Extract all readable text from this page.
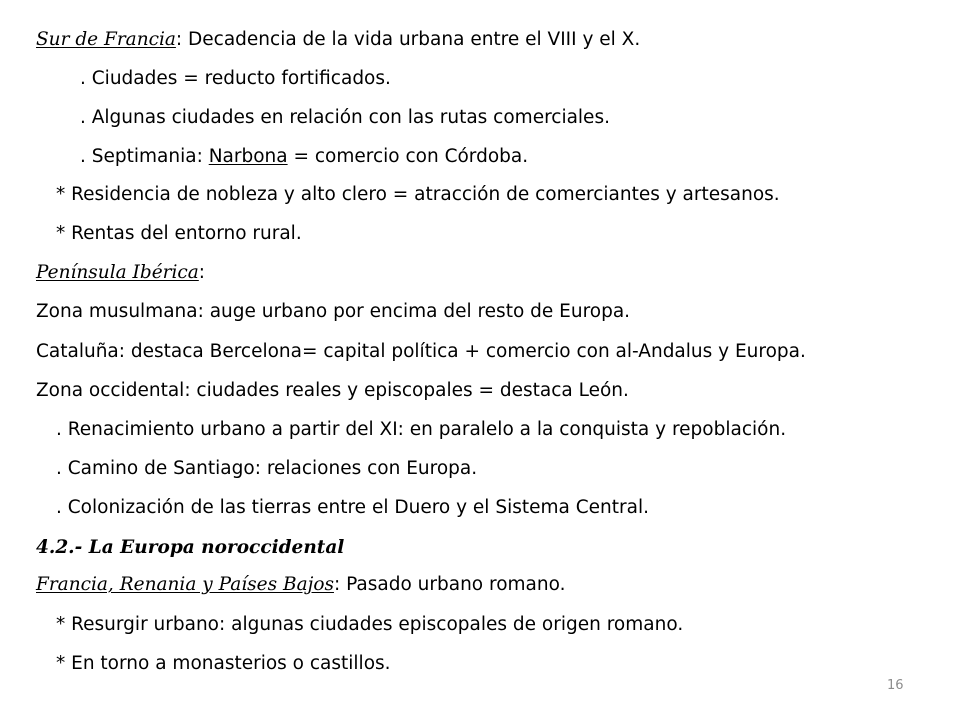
Sur de Francia: Decadencia de la vida urbana entre el VIII y el X.
. Ciudades = reducto fortificados.
. Algunas ciudades en relación con las rutas comerciales.
. Septimania: Narbona = comercio con Córdoba.
* Residencia de nobleza y alto clero = atracción de comerciantes y artesanos.
* Rentas del entorno rural.
Península Ibérica:
Zona musulmana: auge urbano por encima del resto de Europa.
Cataluña: destaca Bercelona= capital política + comercio con al-Andalus y Europa.
Zona occidental: ciudades reales y episcopales = destaca León.
. Renacimiento urbano a partir del XI: en paralelo a la conquista y repoblación.
. Camino de Santiago: relaciones con Europa.
. Colonización de las tierras entre el Duero y el Sistema Central.
4.2.- La Europa noroccidental
Francia, Renania y Países Bajos: Pasado urbano romano.
* Resurgir urbano: algunas ciudades episcopales de origen romano.
* En torno a monasterios o castillos.
16
